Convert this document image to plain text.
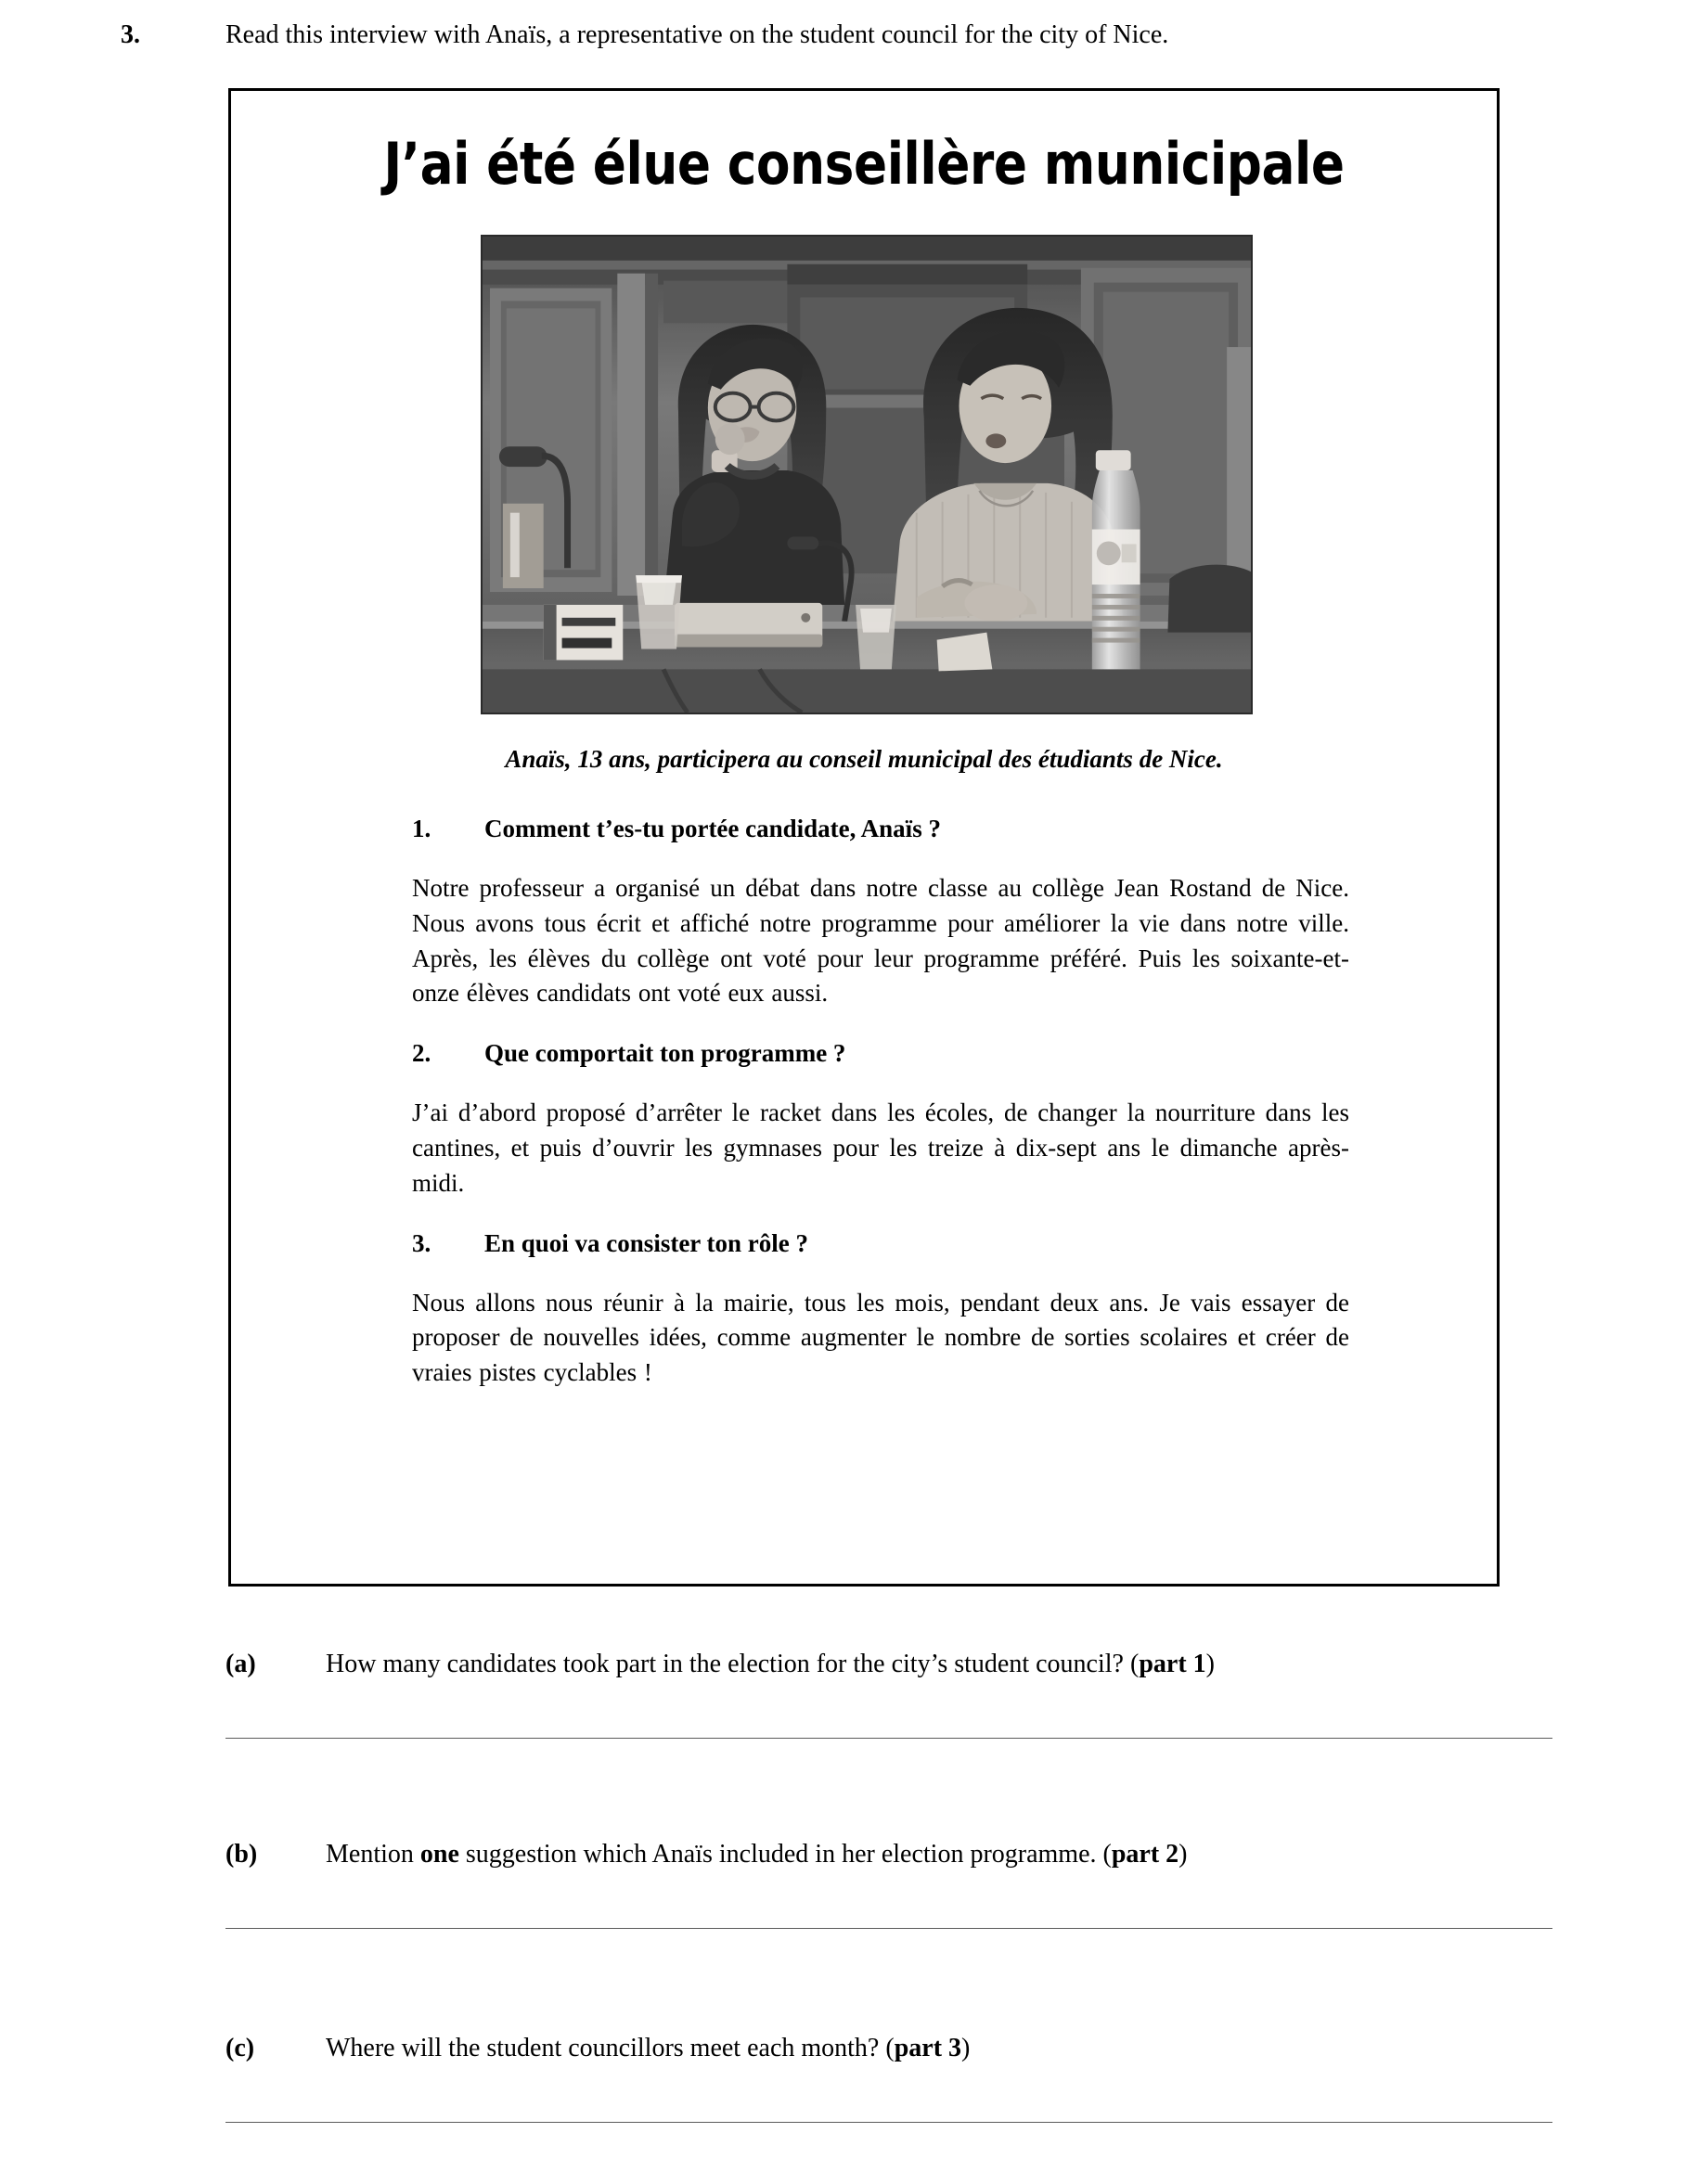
3.	Read this interview with Anaïs, a representative on the student council for the city of Nice.
J’ai été élue conseillère municipale
Anaïs, 13 ans, participera au conseil municipal des étudiants de Nice.
1.	Comment t’es-tu portée candidate, Anaïs ?

Notre professeur a organisé un débat dans notre classe au collège Jean Rostand de Nice. Nous avons tous écrit et affiché notre programme pour améliorer la vie dans notre ville. Après, les élèves du collège ont voté pour leur programme préféré. Puis les soixante-et-onze élèves candidats ont voté eux aussi.

2.	Que comportait ton programme ?

J’ai d’abord proposé d’arrêter le racket dans les écoles, de changer la nourriture dans les cantines, et puis d’ouvrir les gymnases pour les treize à dix-sept ans le dimanche après-midi.

3.	En quoi va consister ton rôle ?

Nous allons nous réunir à la mairie, tous les mois, pendant deux ans. Je vais essayer de proposer de nouvelles idées, comme augmenter le nombre de sorties scolaires et créer de vraies pistes cyclables !

(a)	How many candidates took part in the election for the city’s student council? (part 1)
(b)	Mention one suggestion which Anaïs included in her election programme. (part 2)
(c)	Where will the student councillors meet each month? (part 3)
